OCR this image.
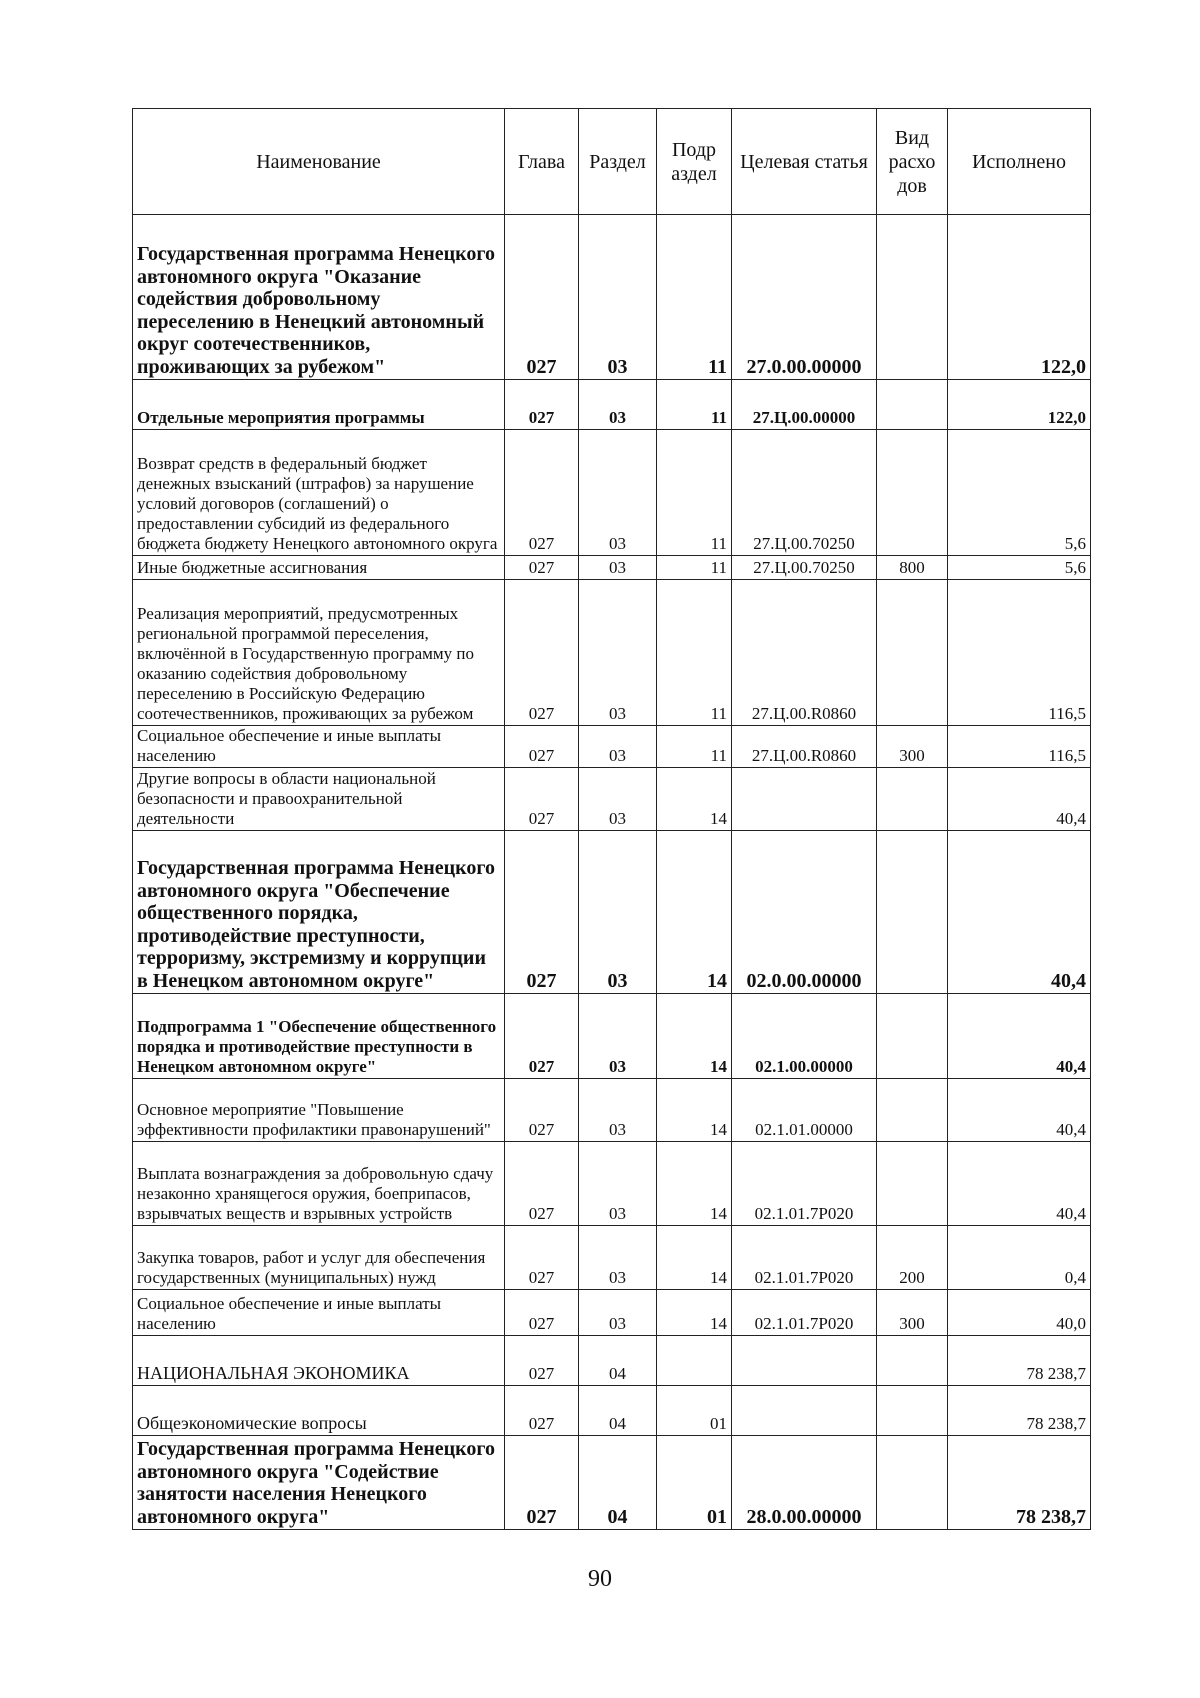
Наименование	Глава	Раздел	Подр аздел	Целевая статья	Вид расхо дов	Исполнено
Государственная программа Ненецкого автономного округа "Оказание содействия добровольному переселению в Ненецкий автономный округ соотечественников, проживающих за рубежом"	027	03	11	27.0.00.00000		122,0
Отдельные мероприятия программы	027	03	11	27.Ц.00.00000		122,0
Возврат средств в федеральный бюджет денежных взысканий (штрафов) за нарушение условий договоров (соглашений) о предоставлении субсидий из федерального бюджета бюджету Ненецкого автономного округа	027	03	11	27.Ц.00.70250		5,6
Иные бюджетные ассигнования	027	03	11	27.Ц.00.70250	800	5,6
Реализация мероприятий, предусмотренных региональной программой переселения, включённой в Государственную программу по оказанию содействия добровольному переселению в Российскую Федерацию соотечественников, проживающих за рубежом	027	03	11	27.Ц.00.R0860		116,5
Социальное обеспечение и иные выплаты населению	027	03	11	27.Ц.00.R0860	300	116,5
Другие вопросы в области национальной безопасности и правоохранительной деятельности	027	03	14			40,4
Государственная программа Ненецкого автономного округа "Обеспечение общественного порядка, противодействие преступности, терроризму, экстремизму и коррупции в Ненецком автономном округе"	027	03	14	02.0.00.00000		40,4
Подпрограмма 1 "Обеспечение общественного порядка и противодействие преступности в Ненецком автономном округе"	027	03	14	02.1.00.00000		40,4
Основное мероприятие "Повышение эффективности профилактики правонарушений"	027	03	14	02.1.01.00000		40,4
Выплата вознаграждения за добровольную сдачу незаконно хранящегося оружия, боеприпасов, взрывчатых веществ и взрывных устройств	027	03	14	02.1.01.7Р020		40,4
Закупка товаров, работ и услуг для обеспечения государственных (муниципальных) нужд	027	03	14	02.1.01.7Р020	200	0,4
Социальное обеспечение и иные выплаты населению	027	03	14	02.1.01.7Р020	300	40,0
НАЦИОНАЛЬНАЯ ЭКОНОМИКА	027	04				78 238,7
Общеэкономические вопросы	027	04	01			78 238,7
Государственная программа Ненецкого автономного округа "Содействие занятости населения Ненецкого автономного округа"	027	04	01	28.0.00.00000		78 238,7
90
